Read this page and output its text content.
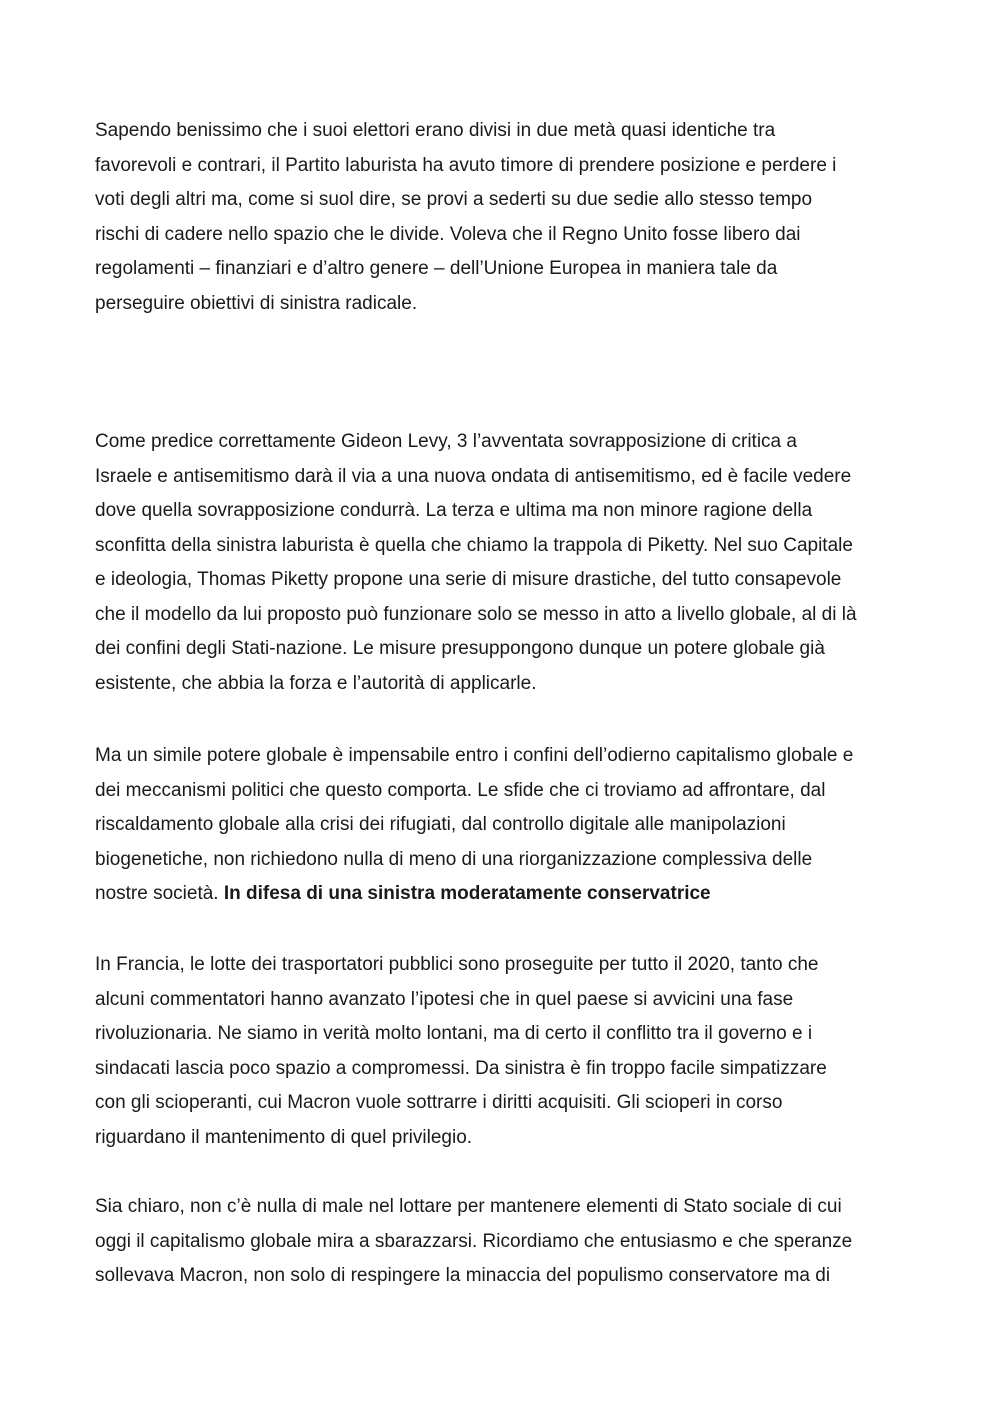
Sapendo benissimo che i suoi elettori erano divisi in due metà quasi identiche tra
favorevoli e contrari, il Partito laburista ha avuto timore di prendere posizione e perdere i
voti degli altri ma, come si suol dire, se provi a sederti su due sedie allo stesso tempo
rischi di cadere nello spazio che le divide. Voleva che il Regno Unito fosse libero dai
regolamenti – finanziari e d’altro genere – dell’Unione Europea in maniera tale da
perseguire obiettivi di sinistra radicale.
Come predice correttamente Gideon Levy, 3 l’avventata sovrapposizione di critica a
Israele e antisemitismo darà il via a una nuova ondata di antisemitismo, ed è facile vedere
dove quella sovrapposizione condurrà. La terza e ultima ma non minore ragione della
sconfitta della sinistra laburista è quella che chiamo la trappola di Piketty. Nel suo Capitale
e ideologia, Thomas Piketty propone una serie di misure drastiche, del tutto consapevole
che il modello da lui proposto può funzionare solo se messo in atto a livello globale, al di là
dei confini degli Stati-nazione. Le misure presuppongono dunque un potere globale già
esistente, che abbia la forza e l’autorità di applicarle.
Ma un simile potere globale è impensabile entro i confini dell’odierno capitalismo globale e
dei meccanismi politici che questo comporta. Le sfide che ci troviamo ad affrontare, dal
riscaldamento globale alla crisi dei rifugiati, dal controllo digitale alle manipolazioni
biogenetiche, non richiedono nulla di meno di una riorganizzazione complessiva delle
nostre società. In difesa di una sinistra moderatamente conservatrice
In Francia, le lotte dei trasportatori pubblici sono proseguite per tutto il 2020, tanto che
alcuni commentatori hanno avanzato l’ipotesi che in quel paese si avvicini una fase
rivoluzionaria. Ne siamo in verità molto lontani, ma di certo il conflitto tra il governo e i
sindacati lascia poco spazio a compromessi. Da sinistra è fin troppo facile simpatizzare
con gli scioperanti, cui Macron vuole sottrarre i diritti acquisiti. Gli scioperi in corso
riguardano il mantenimento di quel privilegio.
Sia chiaro, non c’è nulla di male nel lottare per mantenere elementi di Stato sociale di cui
oggi il capitalismo globale mira a sbarazzarsi. Ricordiamo che entusiasmo e che speranze
sollevava Macron, non solo di respingere la minaccia del populismo conservatore ma di
